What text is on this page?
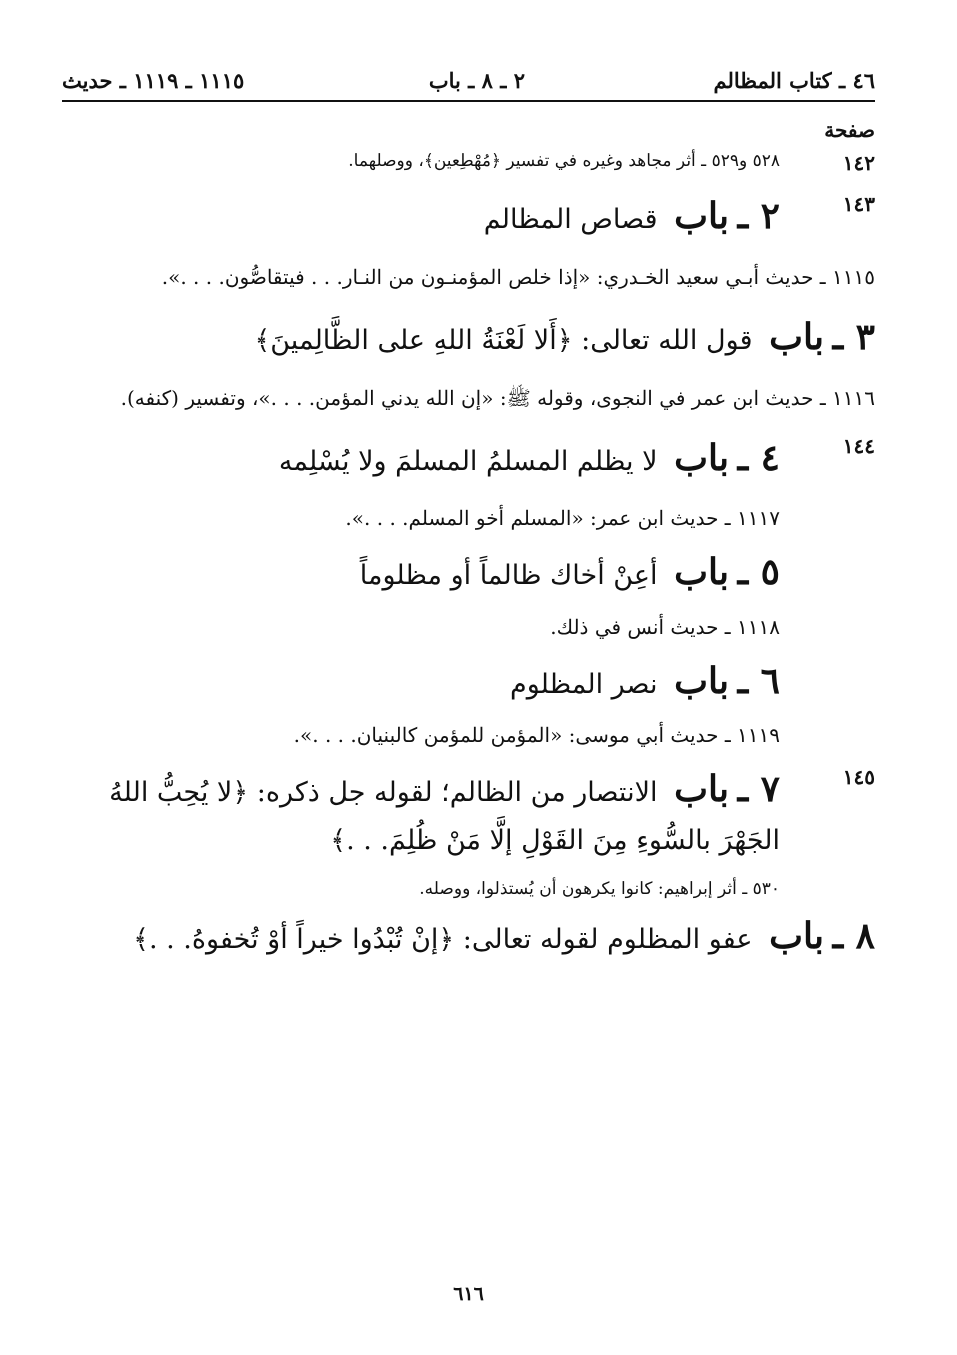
٤٦ ـ كتاب المظالم
٢ ـ ٨ ـ باب
١١١٥ ـ ١١١٩ ـ حديث
صفحة
١٤٢
٥٢٨ و٥٢٩ ـ أثر مجاهد وغيره في تفسير ﴿مُهْطِعين﴾، ووصلهما.
١٤٣
٢ ـ باب قصاص المظالم
١١١٥ ـ حديث أبـي سعيد الخـدري: «إذا خلص المؤمنـون من النـار. . . فيتقاصُّون. . . .».
٣ ـ باب قول الله تعالى: ﴿أَلا لَعْنَةُ اللهِ على الظَّالِمينَ﴾
١١١٦ ـ حديث ابن عمر في النجوى، وقوله ﷺ: «إن الله يدني المؤمن. . . .»، وتفسير (كنفه).
١٤٤
٤ ـ باب لا يظلم المسلمُ المسلمَ ولا يُسْلِمه
١١١٧ ـ حديث ابن عمر: «المسلم أخو المسلم. . . .».
٥ ـ باب أعِنْ أخاك ظالماً أو مظلوماً
١١١٨ ـ حديث أنس في ذلك.
٦ ـ باب نصر المظلوم
١١١٩ ـ حديث أبي موسى: «المؤمن للمؤمن كالبنيان. . . .».
١٤٥
٧ ـ باب الانتصار من الظالم؛ لقوله جل ذكره: ﴿لا يُحِبُّ اللهُ الجَهْرَ بالسُّوءِ مِنَ القَوْلِ إلَّا مَنْ ظُلِمَ. . .﴾
٥٣٠ ـ أثر إبراهيم: كانوا يكرهون أن يُستذلوا، ووصله.
٨ ـ باب عفو المظلوم لقوله تعالى: ﴿إنْ تُبْدُوا خيراً أوْ تُخفوهُ. . .﴾
٦١٦
